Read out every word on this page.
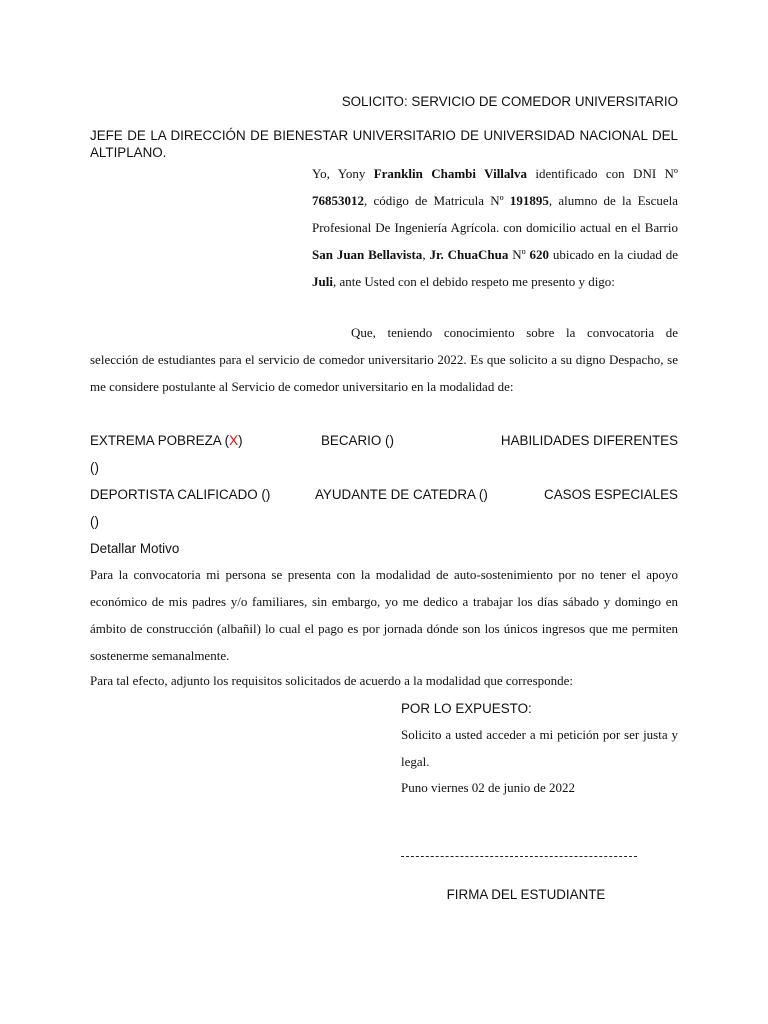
SOLICITO: SERVICIO DE COMEDOR UNIVERSITARIO

JEFE DE LA DIRECCIÓN DE BIENESTAR UNIVERSITARIO DE UNIVERSIDAD NACIONAL DEL ALTIPLANO.

Yo, Yony Franklin Chambi Villalva identificado con DNI Nº 76853012, código de Matricula Nº 191895, alumno de la Escuela Profesional De Ingeniería Agrícola. con domicilio actual en el Barrio San Juan Bellavista, Jr. ChuaChua Nº 620 ubicado en la ciudad de Juli, ante Usted con el debido respeto me presento y digo:

Que, teniendo conocimiento sobre la convocatoria de selección de estudiantes para el servicio de comedor universitario 2022. Es que solicito a su digno Despacho, se me considere postulante al Servicio de comedor universitario en la modalidad de:

EXTREMA POBREZA (X)	BECARIO ()	HABILIDADES DIFERENTES
()
DEPORTISTA CALIFICADO ()	AYUDANTE DE CATEDRA ()	CASOS ESPECIALES
()

Detallar Motivo

Para la convocatoria mi persona se presenta con la modalidad de auto-sostenimiento por no tener el apoyo económico de mis padres y/o familiares, sin embargo, yo me dedico a trabajar los días sábado y domingo en ámbito de construcción (albañil) lo cual el pago es por jornada dónde son los únicos ingresos que me permiten sostenerme semanalmente.

Para tal efecto, adjunto los requisitos solicitados de acuerdo a la modalidad que corresponde:

POR LO EXPUESTO:

Solicito a usted acceder a mi petición por ser justa y legal.

Puno viernes 02 de junio de 2022

FIRMA DEL ESTUDIANTE
